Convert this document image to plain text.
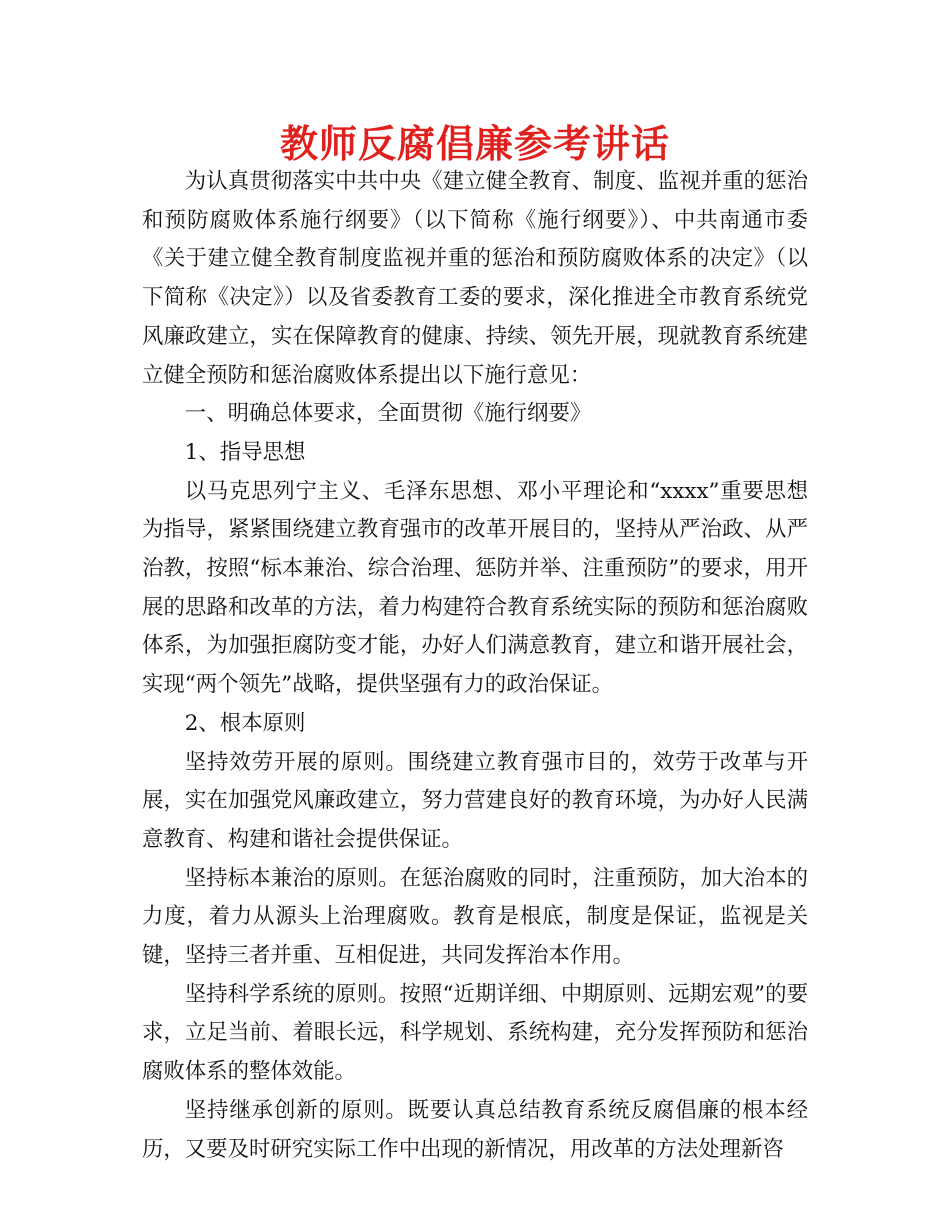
教师反腐倡廉参考讲话

为认真贯彻落实中共中央《建立健全教育、制度、监视并重的惩治和预防腐败体系施行纲要》（以下简称《施行纲要》）、中共南通市委《关于建立健全教育制度监视并重的惩治和预防腐败体系的决定》（以下简称《决定》）以及省委教育工委的要求，深化推进全市教育系统党风廉政建立，实在保障教育的健康、持续、领先开展，现就教育系统建立健全预防和惩治腐败体系提出以下施行意见：

一、明确总体要求，全面贯彻《施行纲要》

1、指导思想

以马克思列宁主义、毛泽东思想、邓小平理论和“xxxx”重要思想为指导，紧紧围绕建立教育强市的改革开展目的，坚持从严治政、从严治教，按照“标本兼治、综合治理、惩防并举、注重预防”的要求，用开展的思路和改革的方法，着力构建符合教育系统实际的预防和惩治腐败体系，为加强拒腐防变才能，办好人们满意教育，建立和谐开展社会，实现“两个领先”战略，提供坚强有力的政治保证。

2、根本原则

坚持效劳开展的原则。围绕建立教育强市目的，效劳于改革与开展，实在加强党风廉政建立，努力营建良好的教育环境，为办好人民满意教育、构建和谐社会提供保证。

坚持标本兼治的原则。在惩治腐败的同时，注重预防，加大治本的力度，着力从源头上治理腐败。教育是根底，制度是保证，监视是关键，坚持三者并重、互相促进，共同发挥治本作用。

坚持科学系统的原则。按照“近期详细、中期原则、远期宏观”的要求，立足当前、着眼长远，科学规划、系统构建，充分发挥预防和惩治腐败体系的整体效能。

坚持继承创新的原则。既要认真总结教育系统反腐倡廉的根本经历，又要及时研究实际工作中出现的新情况，用改革的方法处理新咨
